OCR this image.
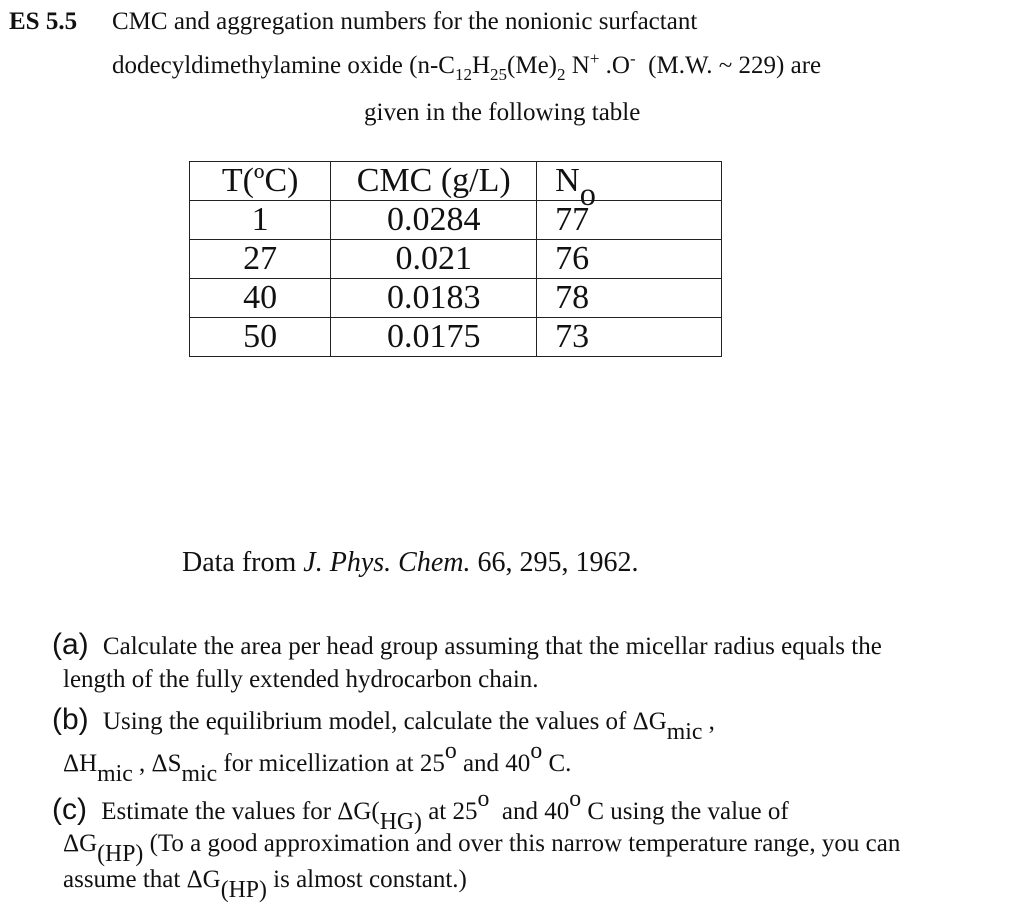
ES 5.5 CMC and aggregation numbers for the nonionic surfactant
dodecyldimethylamine oxide ($n-C_{12}H_{25}(Me)_2$ N+ .O-  (M.W. ~ 229) are
given in the following table
T(ºC)	CMC (g/L)	$N_o$
1	0.0284	77
27	0.021	76
40	0.0183	78
50	0.0175	73
Data from J. Phys. Chem. 66, 295, 1962.
(a) Calculate the area per head group assuming that the micellar radius equals the
length of the fully extended hydrocarbon chain.
(b) Using the equilibrium model, calculate the values of $\Delta G_{mic}$ ,
$\Delta H_{mic}$ , $\Delta S_{mic}$ for micellization at 25$^o$ and 40$^o$ C.
(c) Estimate the values for $\Delta G(_{HG)}$ at 25$^o$  and 40$^o$ C using the value of
$\Delta G_{(HP)}$ (To a good approximation and over this narrow temperature range, you can
assume that $\Delta G_{(HP)}$ is almost constant.)
